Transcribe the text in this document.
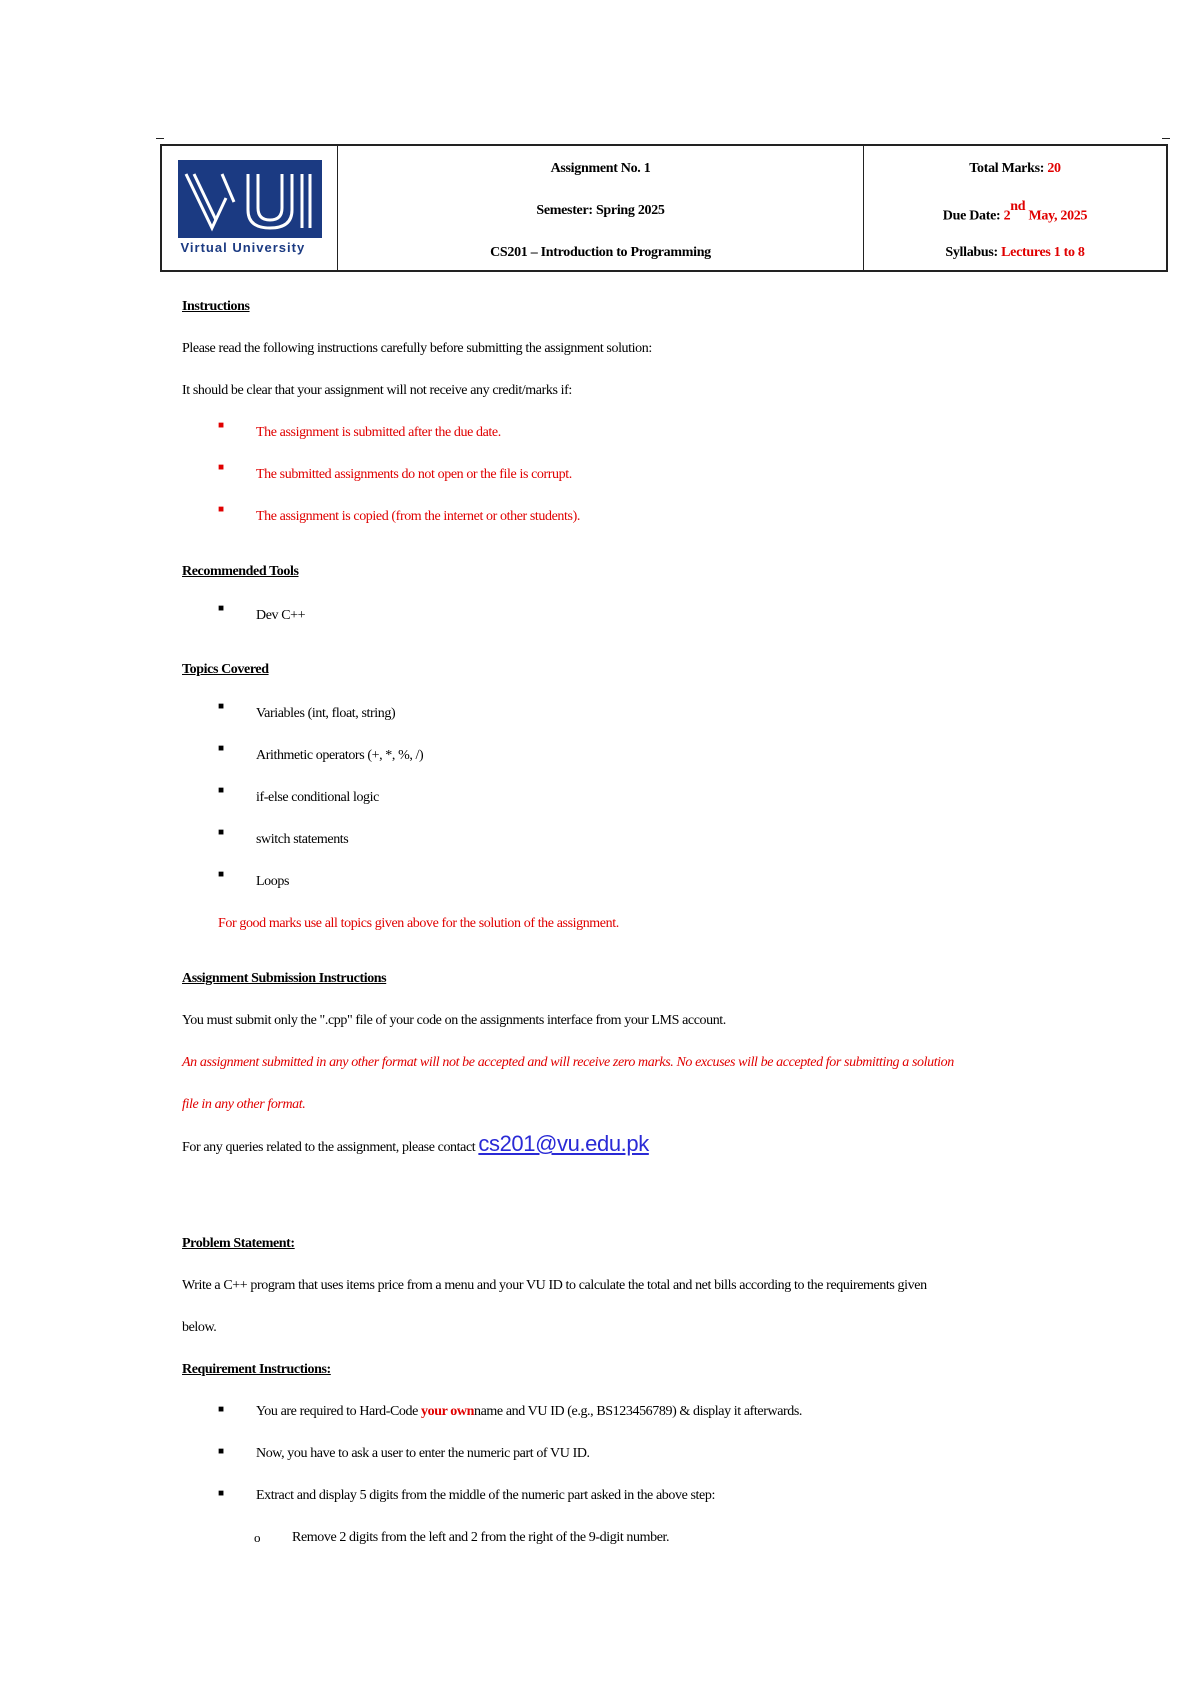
Virtual University
Assignment No. 1
Semester: Spring 2025
CS201 – Introduction to Programming
Total Marks: 20
Due Date: 2nd May, 2025
Syllabus: Lectures 1 to 8
Instructions
Please read the following instructions carefully before submitting the assignment solution:
It should be clear that your assignment will not receive any credit/marks if:
■ The assignment is submitted after the due date.
■ The submitted assignments do not open or the file is corrupt.
■ The assignment is copied (from the internet or other students).
Recommended Tools
■ Dev C++
Topics Covered
■ Variables (int, float, string)
■ Arithmetic operators (+, *, %, /)
■ if-else conditional logic
■ switch statements
■ Loops
For good marks use all topics given above for the solution of the assignment.
Assignment Submission Instructions
You must submit only the ".cpp" file of your code on the assignments interface from your LMS account.
An assignment submitted in any other format will not be accepted and will receive zero marks. No excuses will be accepted for submitting a solution
file in any other format.
For any queries related to the assignment, please contact cs201@vu.edu.pk
Problem Statement:
Write a C++ program that uses items price from a menu and your VU ID to calculate the total and net bills according to the requirements given
below.
Requirement Instructions:
■ You are required to Hard-Code your ownname and VU ID (e.g., BS123456789) & display it afterwards.
■ Now, you have to ask a user to enter the numeric part of VU ID.
■ Extract and display 5 digits from the middle of the numeric part asked in the above step:
o Remove 2 digits from the left and 2 from the right of the 9-digit number.
